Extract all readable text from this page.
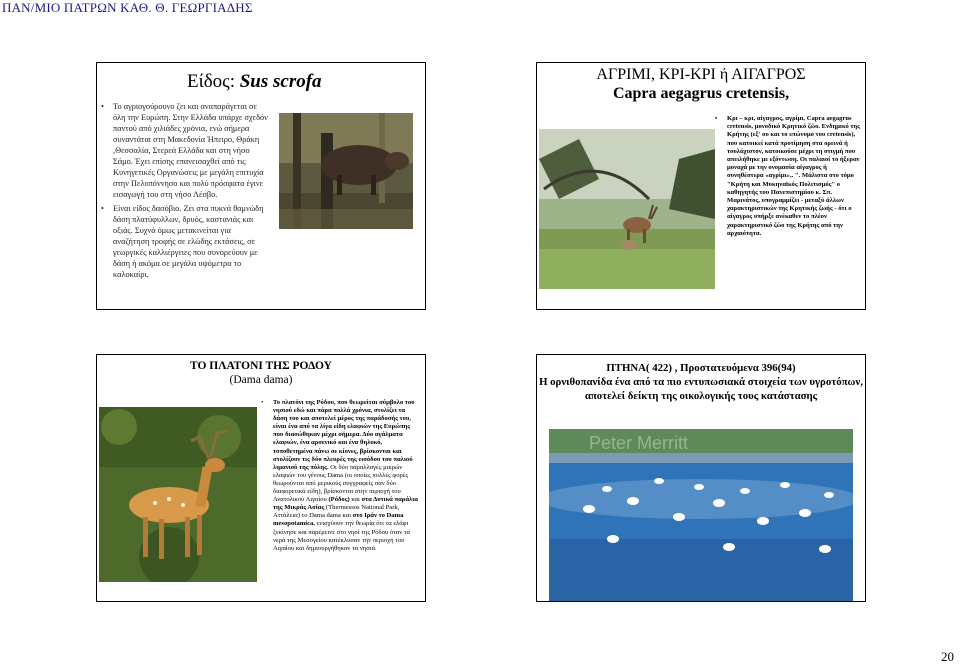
ΠΑΝ/ΜΙΟ ΠΑΤΡΩΝ ΚΑΘ. Θ. ΓΕΩΡΓΙΑΔΗΣ
Είδος: Sus scrofa
• Το αγριογούρουνο ζει και αναπαράγεται σε όλη την Ευρώπη. Στην Ελλάδα υπάρχε σχεδόν παντού από χιλιάδες χρόνια, ενώ σήμερα συναντάται στη Μακεδονία Ήπειρο, Θράκη ,Θεσσαλία, Στερεά Ελλάδα και στη νήσο Σάμο. Έχει επίσης επανεισαχθεί από τις Κυνηγετικές Οργανώσεις με μεγάλη επιτυχία στην Πελοπόννησο και πολύ πρόσφατα έγινε εισαγωγή του στη νήσο Λέσβο.
• Είναι είδος δασόβιο. Ζει στα πυκνά θαμνώδη δάση πλατύφυλλων, δρυός, καστανιάς και οξιάς. Συχνά όμως μετακινείται για αναζήτηση τροφής σε ελώδης εκτάσεις, σε γεωργικές καλλιέργειες που συνορεύουν με δάση ή ακόμα σε μεγάλα υψόμετρα το καλοκαίρι.
ΑΓΡΙΜΙ, ΚΡΙ-ΚΡΙ ή ΑΙΓΑΓΡΟΣ
Capra aegagrus cretensis,
• Κρι – κρι, αίγαγρος, αγρίμι, Capra aegagrus cretensis, μονοδικό Κρητικό ζώο. Ενδημικό της Κρήτης (εξ' ου και το επώνυμο του cretensis), που κατοικεί κατά προτίμηση στα ορεινά ή τουλάχιστον, κατοικούσε μέχρι τη στιγμή που απειλήθηκε με εξόντωση. Οι παλαιοί το ήξεραν μοναχά με την ονομασία αίγαγρος ή συνηθέστερα «αγρίμι»,. ". Μάλιστα στο τόμο "Κρήτη και Μυκηναϊκός Πολιτισμός" ο καθηγητής του Πανεπιστημίου κ. Σπ. Μαρινάτος, υπογραμμίζει - μεταξύ άλλων χαρακτηριστικών της Κρητικής ζωής - ότι ο αίγαγρος υπήρξε ανέκαθεν το πλέον χαρακτηριστικό ζώο της Κρήτης από την αρχαιότητα.
ΤΟ ΠΛΑΤΟΝΙ ΤΗΣ ΡΟΔΟΥ
(Dama dama)
• Το πλατόνι της Ρόδου, που θεωρείται σύμβολο του νησιού εδώ και πάρα πολλά χρόνια, στολίζει τα δάση του και αποτελεί μέρος της παράδοσής του, είναι ένα από τα λίγα είδη ελαφιών της Ευρώπης που διασώθηκαν μέχρι σήμερα. Δύο αγάλματα ελαφιών, ένα αρσενικό και ένα θηλυκό, τοποθετημένα πάνω σε κίονες, βρίσκονται και στολίζουν τις δύο πλευρές της εισόδου του παλιού λιμανιού της πόλης. Οι δύο παραλλαγές μικρών ελαφιών του γένους Dama (οι οποίες πολλές φορές θεωρούνται από μερικούς συγγραφείς σαν δύο διαφορετικά είδη), βρίσκονται στην περιοχή του Ανατολικού Αιγαίου (Ρόδος) και στα Δυτικά παράλια της Μικράς Ασίας (Thermessos National Park, Αττάλεια) το Dama dama και στο Ιράν το Dama mesopotamica, ενισχύουν την θεωρία ότι τα ελάφι ξεκίνησε και παρέμεινε στο νησί της Ρόδου όταν τα νερά της Μεσογείου κατέκλυσαν την περιοχή του Αιγαίου και δημιουργήθηκαν τα νησιά.
ΠΤΗΝΑ( 422) , Προστατευόμενα 396(94)
Η ορνιθοπανίδα ένα από τα πιο εντυπωσιακά στοιχεία των υγροτόπων, αποτελεί δείκτη της οικολογικής τους κατάστασης
Peter Merritt
20
